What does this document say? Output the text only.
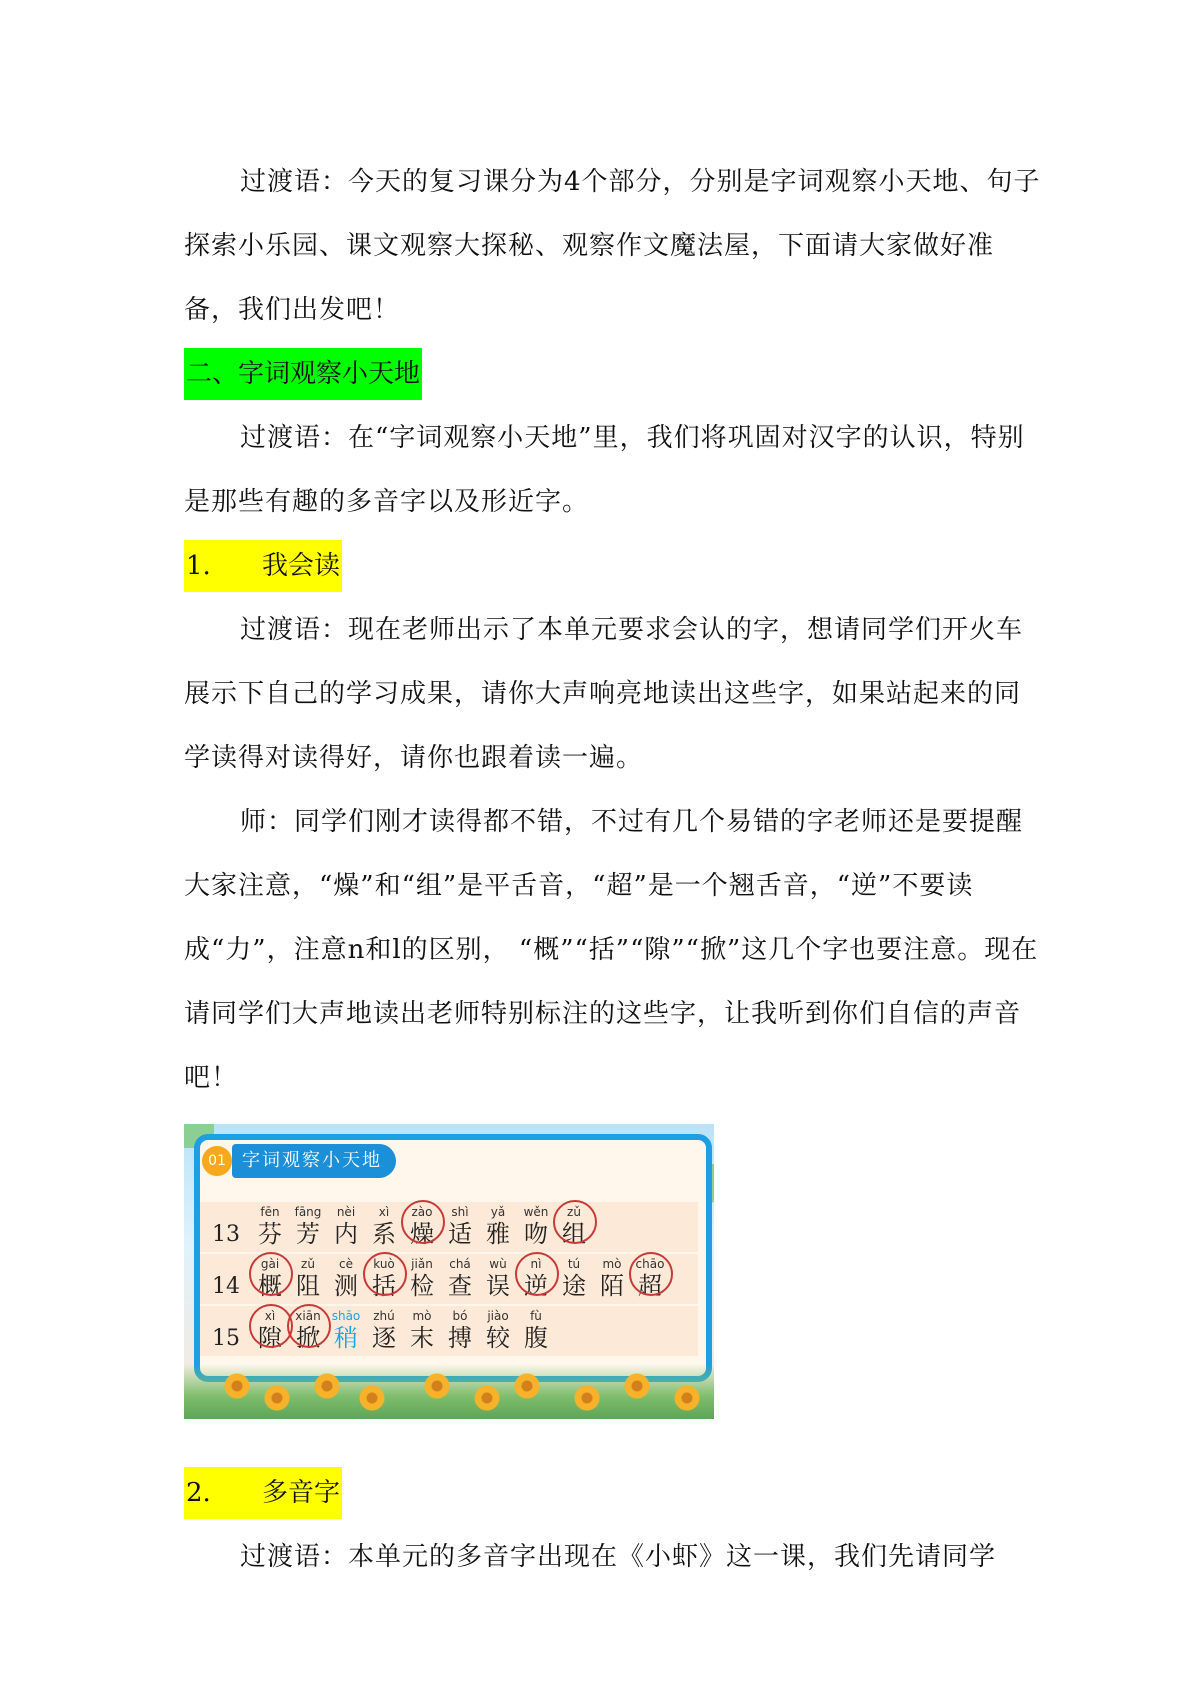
过渡语：今天的复习课分为4个部分，分别是字词观察小天地、句子探索小乐园、课文观察大探秘、观察作文魔法屋，下面请大家做好准备，我们出发吧！

二、字词观察小天地

过渡语：在“字词观察小天地”里，我们将巩固对汉字的认识，特别是那些有趣的多音字以及形近字。

1. 我会读

过渡语：现在老师出示了本单元要求会认的字，想请同学们开火车展示下自己的学习成果，请你大声响亮地读出这些字，如果站起来的同学读得对读得好，请你也跟着读一遍。

师：同学们刚才读得都不错，不过有几个易错的字老师还是要提醒大家注意，“燥”和“组”是平舌音，“超”是一个翘舌音，“逆”不要读成“力”，注意n和l的区别， “概”“括”“隙”“掀”这几个字也要注意。现在请同学们大声地读出老师特别标注的这些字，让我听到你们自信的声音吧！

01 字词观察小天地
13
fēn
芬
fāng
芳
nèi
内
xì
系
zào
燥
shì
适
yǎ
雅
wěn
吻
zǔ
组
14
gài
概
zǔ
阻
cè
测
kuò
括
jiǎn
检
chá
查
wù
误
nì
逆
tú
途
mò
陌
chāo
超
15
xì
隙
xiān
掀
shāo
稍
zhú
逐
mò
末
bó
搏
jiào
较
fù
腹
2. 多音字

过渡语：本单元的多音字出现在《小虾》这一课，我们先请同学
